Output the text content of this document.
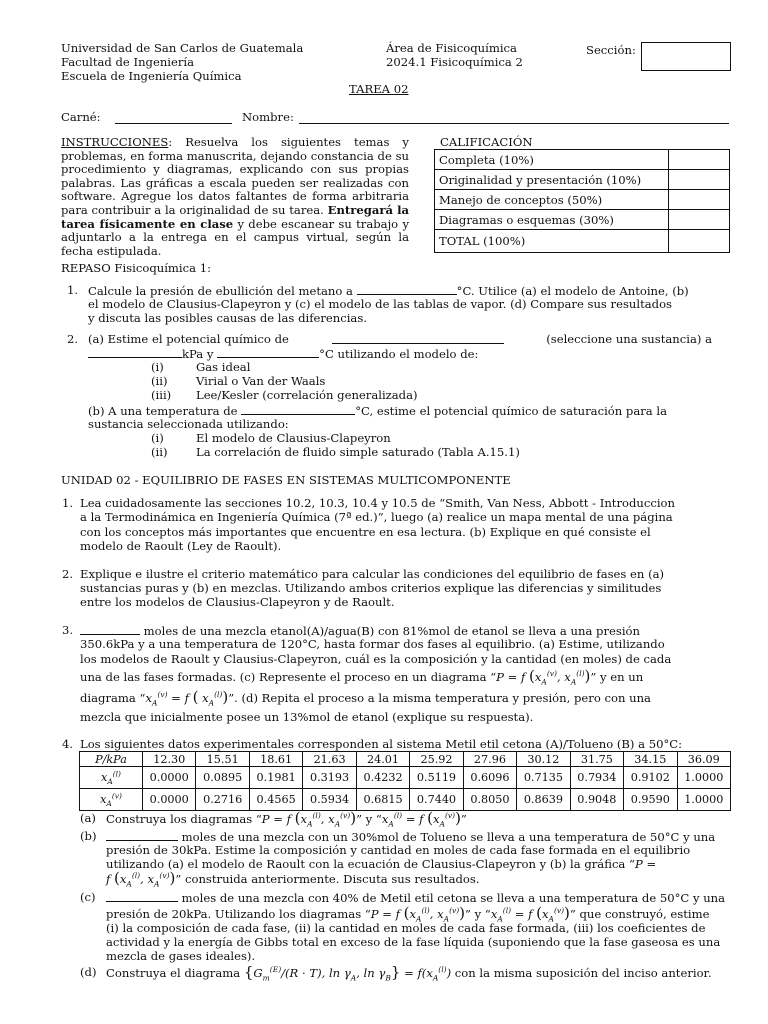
Universidad de San Carlos de Guatemala
Facultad de Ingeniería
Escuela de Ingeniería Química
Área de Fisicoquímica
2024.1 Fisicoquímica 2
Sección:
TAREA 02
Carné:	Nombre:
INSTRUCCIONES: Resuelva los siguientes temas y problemas, en forma manuscrita, dejando constancia de su procedimiento y diagramas, explicando con sus propias palabras. Las gráficas a escala pueden ser realizadas con software. Agregue los datos faltantes de forma arbitraria para contribuir a la originalidad de su tarea. Entregará la tarea físicamente en clase y debe escanear su trabajo y adjuntarlo a la entrega en el campus virtual, según la fecha estipulada.
CALIFICACIÓN
Completa (10%)	
Originalidad y presentación (10%)	
Manejo de conceptos (50%)	
Diagramas o esquemas (30%)	
TOTAL (100%)	
REPASO Fisicoquímica 1:
1. Calcule la presión de ebullición del metano a	°C. Utilice (a) el modelo de Antoine, (b)
el modelo de Clausius-Clapeyron y (c) el modelo de las tablas de vapor. (d) Compare sus resultados
y discuta las posibles causas de las diferencias.
2. (a) Estime el potencial químico de	(seleccione una sustancia) a
kPa y	°C utilizando el modelo de:
(i)	Gas ideal
(ii) Virial o Van der Waals
(iii) Lee/Kesler (correlación generalizada)
(b) A una temperatura de	°C, estime el potencial químico de saturación para la
sustancia seleccionada utilizando:
(i)	El modelo de Clausius-Clapeyron
(ii) La correlación de fluido simple saturado (Tabla A.15.1)
UNIDAD 02 - EQUILIBRIO DE FASES EN SISTEMAS MULTICOMPONENTE
1. Lea cuidadosamente las secciones 10.2, 10.3, 10.4 y 10.5 de “Smith, Van Ness, Abbott - Introduccion
a la Termodinámica en Ingeniería Química (7ª ed.)”, luego (a) realice un mapa mental de una página
con los conceptos más importantes que encuentre en esa lectura. (b) Explique en qué consiste el
modelo de Raoult (Ley de Raoult).
2. Explique e ilustre el criterio matemático para calcular las condiciones del equilibrio de fases en (a)
sustancias puras y (b) en mezclas. Utilizando ambos criterios explique las diferencias y similitudes
entre los modelos de Clausius-Clapeyron y de Raoult.
3.	moles de una mezcla etanol(A)/agua(B) con 81%mol de etanol se lleva a una presión
350.6kPa y a una temperatura de 120°C, hasta formar dos fases al equilibrio. (a) Estime, utilizando
los modelos de Raoult y Clausius-Clapeyron, cuál es la composición y la cantidad (en moles) de cada
una de las fases formadas. (c) Represente el proceso en un diagrama “P = f ($x_A^{(v)}$, $x_A^{(l)}$)” y en un
diagrama “$x_A^{(v)} = f$ ( $x_A^{(l)}$)”. (d) Repita el proceso a la misma temperatura y presión, pero con una
mezcla que inicialmente posee un 13%mol de etanol (explique su respuesta).
4. Los siguientes datos experimentales corresponden al sistema Metil etil cetona (A)/Tolueno (B) a 50°C:
P/kPa	12.30	15.51	18.61	21.63	24.01	25.92	27.96	30.12	31.75	34.15	36.09
$x_A^{(l)}$	0.0000	0.0895	0.1981	0.3193	0.4232	0.5119	0.6096	0.7135	0.7934	0.9102	1.0000
$x_A^{(v)}$	0.0000	0.2716	0.4565	0.5934	0.6815	0.7440	0.8050	0.8639	0.9048	0.9590	1.0000
(a) Construya los diagramas “P = f ($x_A^{(l)}$, $x_A^{(v)}$)” y “$x_A^{(l)} = f$ $(x_A^{(v)})$”
(b)	moles de una mezcla con un 30%mol de Tolueno se lleva a una temperatura de 50°C y una
presión de 30kPa. Estime la composición y cantidad en moles de cada fase formada en el equilibrio
utilizando (a) el modelo de Raoult con la ecuación de Clausius-Clapeyron y (b) la gráfica “P =
f ($x_A^{(l)}$, $x_A^{(v)}$)” construida anteriormente. Discuta sus resultados.
(c)	moles de una mezcla con 40% de Metil etil cetona se lleva a una temperatura de 50°C y una
presión de 20kPa. Utilizando los diagramas “P = f ($x_A^{(l)}$, $x_A^{(v)}$)” y “$x_A^{(l)} = f$ $(x_A^{(v)})$” que construyó, estime
(i) la composición de cada fase, (ii) la cantidad en moles de cada fase formada, (iii) los coeficientes de
actividad y la energía de Gibbs total en exceso de la fase líquida (suponiendo que la fase gaseosa es una
mezcla de gases ideales).
(d) Construya el diagrama {$G_m^{(E)}/(R \cdot T)$, $\ln \gamma_A$, $\ln \gamma_B\} = f(x_A^{(l)})$ con la misma suposición del inciso anterior.
